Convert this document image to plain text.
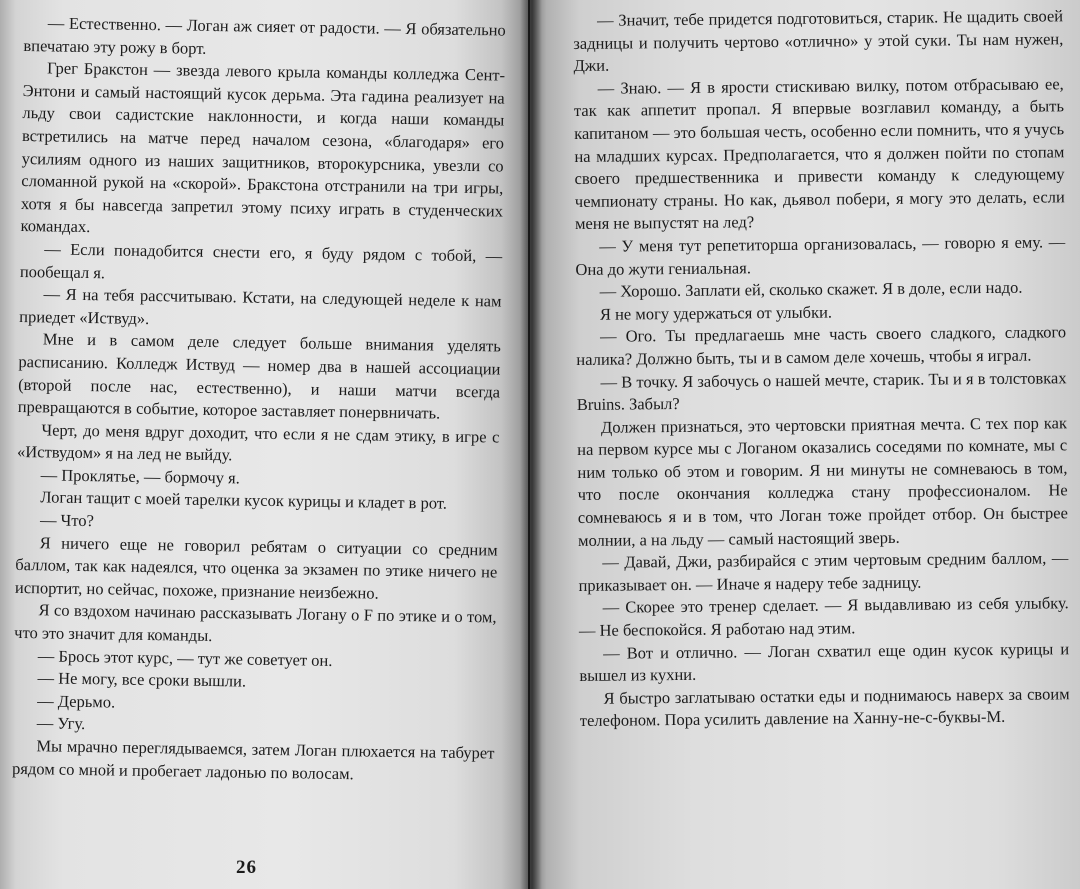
— Естественно. — Логан аж сияет от радости. — Я обязательно впечатаю эту рожу в борт.

Грег Бракстон — звезда левого крыла команды колледжа Сент-Энтони и самый настоящий кусок дерьма. Эта гадина реализует на льду свои садистские наклонности, и когда наши команды встретились на матче перед началом сезона, «благодаря» его усилиям одного из наших защитников, второкурсника, увезли со сломанной рукой на «скорой». Бракстона отстранили на три игры, хотя я бы навсегда запретил этому психу играть в студенческих командах.

— Если понадобится снести его, я буду рядом с тобой, — пообещал я.

— Я на тебя рассчитываю. Кстати, на следующей неделе к нам приедет «Иствуд».

Мне и в самом деле следует больше внимания уделять расписанию. Колледж Иствуд — номер два в нашей ассоциации (второй после нас, естественно), и наши матчи всегда превращаются в событие, которое заставляет понервничать.

Черт, до меня вдруг доходит, что если я не сдам этику, в игре с «Иствудом» я на лед не выйду.

— Проклятье, — бормочу я.

Логан тащит с моей тарелки кусок курицы и кладет в рот.

— Что?

Я ничего еще не говорил ребятам о ситуации со средним баллом, так как надеялся, что оценка за экзамен по этике ничего не испортит, но сейчас, похоже, признание неизбежно.

Я со вздохом начинаю рассказывать Логану о F по этике и о том, что это значит для команды.

— Брось этот курс, — тут же советует он.

— Не могу, все сроки вышли.

— Дерьмо.

— Угу.

Мы мрачно переглядываемся, затем Логан плюхается на табурет рядом со мной и пробегает ладонью по волосам.

26

— Значит, тебе придется подготовиться, старик. Не щадить своей задницы и получить чертово «отлично» у этой суки. Ты нам нужен, Джи.

— Знаю. — Я в ярости стискиваю вилку, потом отбрасываю ее, так как аппетит пропал. Я впервые возглавил команду, а быть капитаном — это большая честь, особенно если помнить, что я учусь на младших курсах. Предполагается, что я должен пойти по стопам своего предшественника и привести команду к следующему чемпионату страны. Но как, дьявол побери, я могу это делать, если меня не выпустят на лед?

— У меня тут репетиторша организовалась, — говорю я ему. — Она до жути гениальная.

— Хорошо. Заплати ей, сколько скажет. Я в доле, если надо.

Я не могу удержаться от улыбки.

— Ого. Ты предлагаешь мне часть своего сладкого, сладкого налика? Должно быть, ты и в самом деле хочешь, чтобы я играл.

— В точку. Я забочусь о нашей мечте, старик. Ты и я в толстовках Bruins. Забыл?

Должен признаться, это чертовски приятная мечта. С тех пор как на первом курсе мы с Логаном оказались соседями по комнате, мы с ним только об этом и говорим. Я ни минуты не сомневаюсь в том, что после окончания колледжа стану профессионалом. Не сомневаюсь я и в том, что Логан тоже пройдет отбор. Он быстрее молнии, а на льду — самый настоящий зверь.

— Давай, Джи, разбирайся с этим чертовым средним баллом, — приказывает он. — Иначе я надеру тебе задницу.

— Скорее это тренер сделает. — Я выдавливаю из себя улыбку. — Не беспокойся. Я работаю над этим.

— Вот и отлично. — Логан схватил еще один кусок курицы и вышел из кухни.

Я быстро заглатываю остатки еды и поднимаюсь наверх за своим телефоном. Пора усилить давление на Ханну-не-с-буквы-М.
